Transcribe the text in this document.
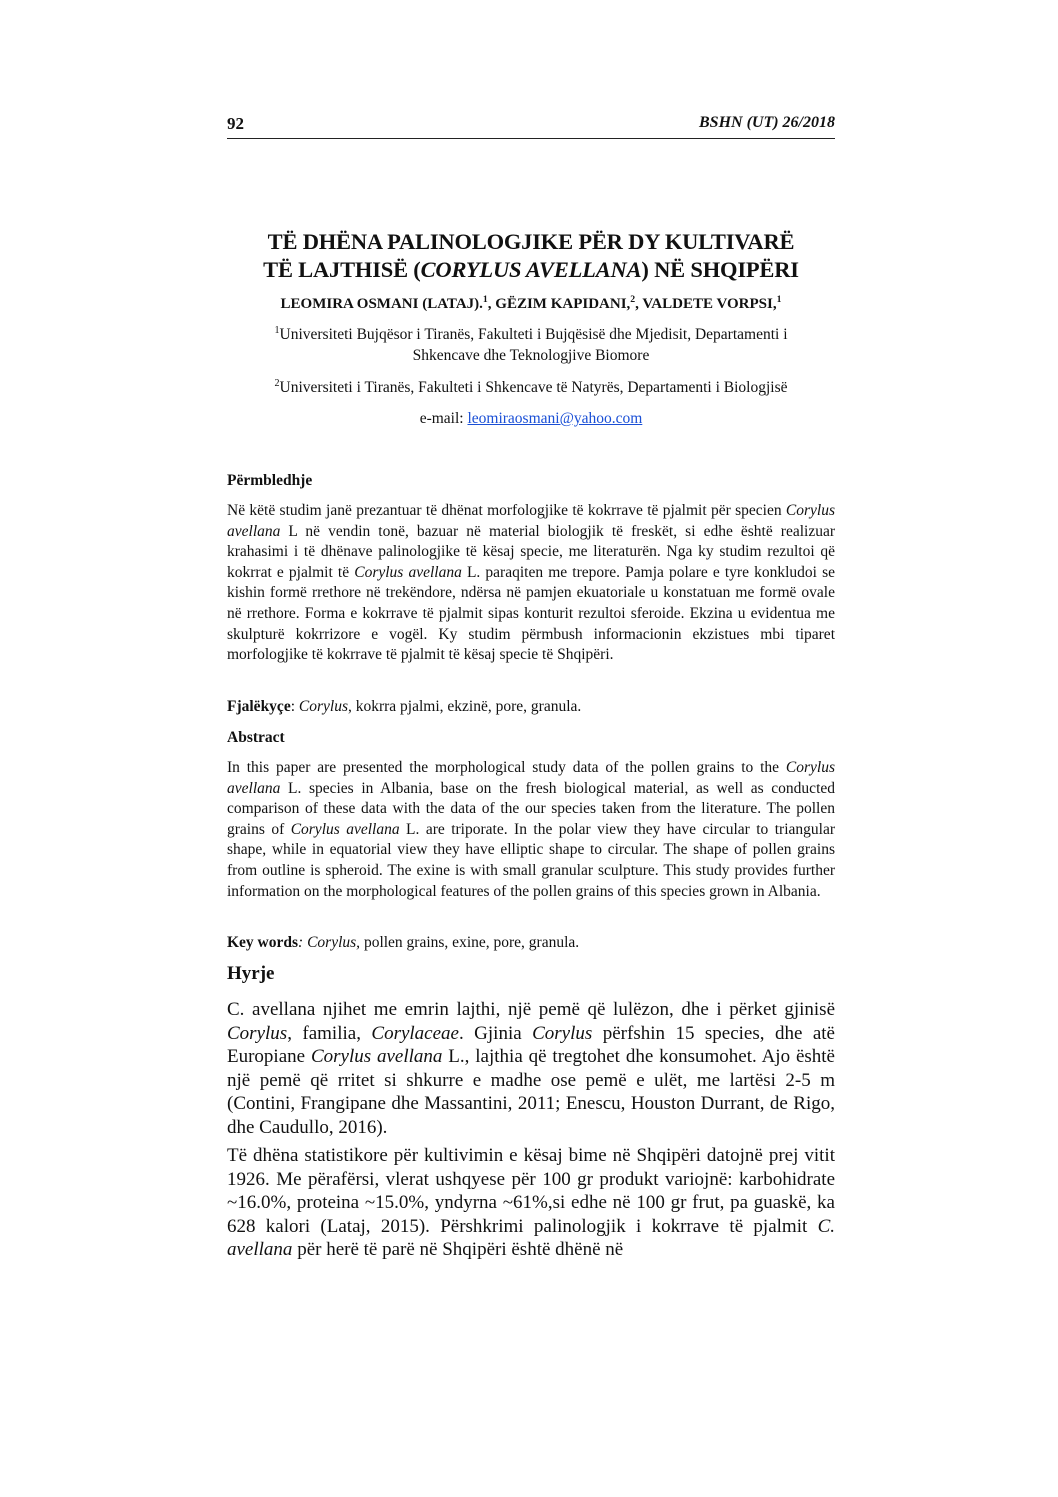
92	BSHN (UT) 26/2018
TË DHËNA PALINOLOGJIKE PËR DY KULTIVARË
TË LAJTHISË (CORYLUS AVELLANA) NË SHQIPËRI
LEOMIRA OSMANI (LATAJ).$^1$, GËZIM KAPIDANI,$^2$, VALDETE VORPSI,$^1$
$^1$Universiteti Bujqësor i Tiranës, Fakulteti i Bujqësisë dhe Mjedisit, Departamenti i
Shkencave dhe Teknologjive Biomore
$^2$Universiteti i Tiranës, Fakulteti i Shkencave të Natyrës, Departamenti i Biologjisë
e-mail: leomiraosmani@yahoo.com
Përmbledhje
Në këtë studim janë prezantuar të dhënat morfologjike të kokrrave të pjalmit për specien Corylus avellana L në vendin tonë, bazuar në material biologjik të freskët, si edhe është realizuar krahasimi i të dhënave palinologjike të kësaj specie, me literaturën. Nga ky studim rezultoi që kokrrat e pjalmit të Corylus avellana L. paraqiten me trepore. Pamja polare e tyre konkludoi se kishin formë rrethore në trekëndore, ndërsa në pamjen ekuatoriale u konstatuan me formë ovale në rrethore. Forma e kokrrave të pjalmit sipas konturit rezultoi sferoide. Ekzina u evidentua me skulpturë kokrrizore e vogël. Ky studim përmbush informacionin ekzistues mbi tiparet morfologjike të kokrrave të pjalmit të kësaj specie të Shqipëri.
Fjalëkyçe: Corylus, kokrra pjalmi, ekzinë, pore, granula.
Abstract
In this paper are presented the morphological study data of the pollen grains to the Corylus avellana L. species in Albania, base on the fresh biological material, as well as conducted comparison of these data with the data of the our species taken from the literature. The pollen grains of Corylus avellana L. are triporate. In the polar view they have circular to triangular shape, while in equatorial view they have elliptic shape to circular. The shape of pollen grains from outline is spheroid. The exine is with small granular sculpture. This study provides further information on the morphological features of the pollen grains of this species grown in Albania.
Key words: Corylus, pollen grains, exine, pore, granula.
Hyrje
C. avellana njihet me emrin lajthi, një pemë që lulëzon, dhe i përket gjinisë Corylus, familia, Corylaceae. Gjinia Corylus përfshin 15 species, dhe atë Europiane Corylus avellana L., lajthia që tregtohet dhe konsumohet. Ajo është një pemë që rritet si shkurre e madhe ose pemë e ulët, me lartësi 2-5 m (Contini, Frangipane dhe Massantini, 2011; Enescu, Houston Durrant, de Rigo, dhe Caudullo, 2016).
Të dhëna statistikore për kultivimin e kësaj bime në Shqipëri datojnë prej vitit 1926. Me përafërsi, vlerat ushqyese për 100 gr produkt variojnë: karbohidrate ~16.0%, proteina ~15.0%, yndyrna ~61%,si edhe në 100 gr frut, pa guaskë, ka 628 kalori (Lataj, 2015). Përshkrimi palinologjik i kokrrave të pjalmit C. avellana për herë të parë në Shqipëri është dhënë në
